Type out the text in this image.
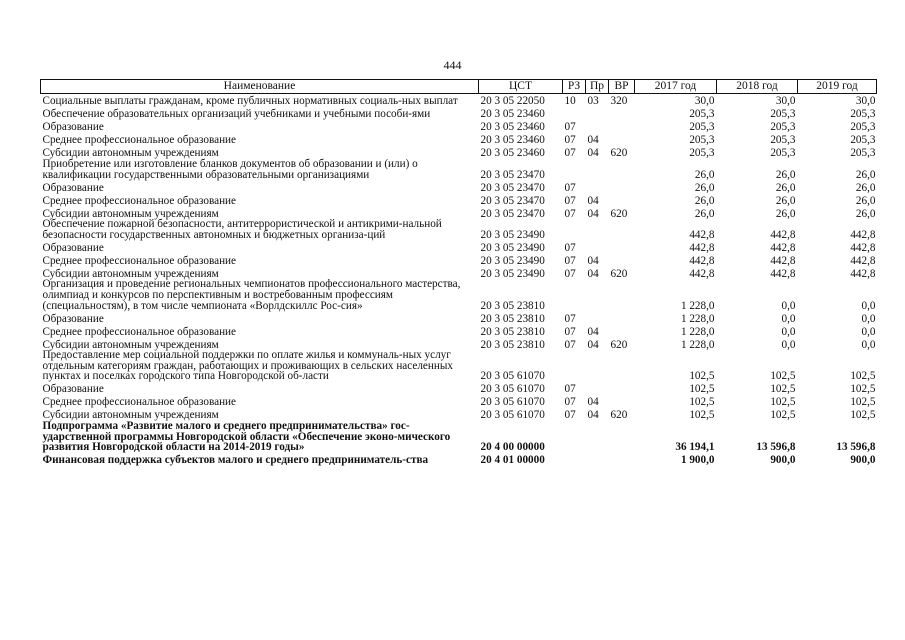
444
Наименование	ЦСТ	РЗ	Пр	ВР	2017 год	2018 год	2019 год
Социальные выплаты гражданам, кроме публичных нормативных социаль-ных выплат	20 3 05 22050	10	03	320	30,0	30,0	30,0
Обеспечение образовательных организаций учебниками и учебными пособи-ями	20 3 05 23460				205,3	205,3	205,3
Образование	20 3 05 23460	07			205,3	205,3	205,3
Среднее профессиональное образование	20 3 05 23460	07	04		205,3	205,3	205,3
Субсидии автономным учреждениям	20 3 05 23460	07	04	620	205,3	205,3	205,3
Приобретение или изготовление бланков документов об образовании и (или) о квалификации государственными образовательными организациями	20 3 05 23470				26,0	26,0	26,0
Образование	20 3 05 23470	07			26,0	26,0	26,0
Среднее профессиональное образование	20 3 05 23470	07	04		26,0	26,0	26,0
Субсидии автономным учреждениям	20 3 05 23470	07	04	620	26,0	26,0	26,0
Обеспечение пожарной безопасности, антитеррористической и антикрими-нальной безопасности государственных автономных и бюджетных организа-ций	20 3 05 23490				442,8	442,8	442,8
Образование	20 3 05 23490	07			442,8	442,8	442,8
Среднее профессиональное образование	20 3 05 23490	07	04		442,8	442,8	442,8
Субсидии автономным учреждениям	20 3 05 23490	07	04	620	442,8	442,8	442,8
Организация и проведение региональных чемпионатов профессионального мастерства, олимпиад и конкурсов по перспективным и востребованным профессиям (специальностям), в том числе чемпионата «Ворлдскиллс Рос-сия»	20 3 05 23810				1 228,0	0,0	0,0
Образование	20 3 05 23810	07			1 228,0	0,0	0,0
Среднее профессиональное образование	20 3 05 23810	07	04		1 228,0	0,0	0,0
Субсидии автономным учреждениям	20 3 05 23810	07	04	620	1 228,0	0,0	0,0
Предоставление мер социальной поддержки по оплате жилья и коммуналь-ных услуг отдельным категориям граждан, работающих и проживающих в сельских населенных пунктах и поселках городского типа Новгородской об-ласти	20 3 05 61070				102,5	102,5	102,5
Образование	20 3 05 61070	07			102,5	102,5	102,5
Среднее профессиональное образование	20 3 05 61070	07	04		102,5	102,5	102,5
Субсидии автономным учреждениям	20 3 05 61070	07	04	620	102,5	102,5	102,5
Подпрограмма «Развитие малого и среднего предпринимательства» гос-ударственной программы Новгородской области «Обеспечение эконо-мического развития Новгородской области на 2014-2019 годы»	20 4 00 00000				36 194,1	13 596,8	13 596,8
Финансовая поддержка субъектов малого и среднего предприниматель-ства	20 4 01 00000				1 900,0	900,0	900,0
